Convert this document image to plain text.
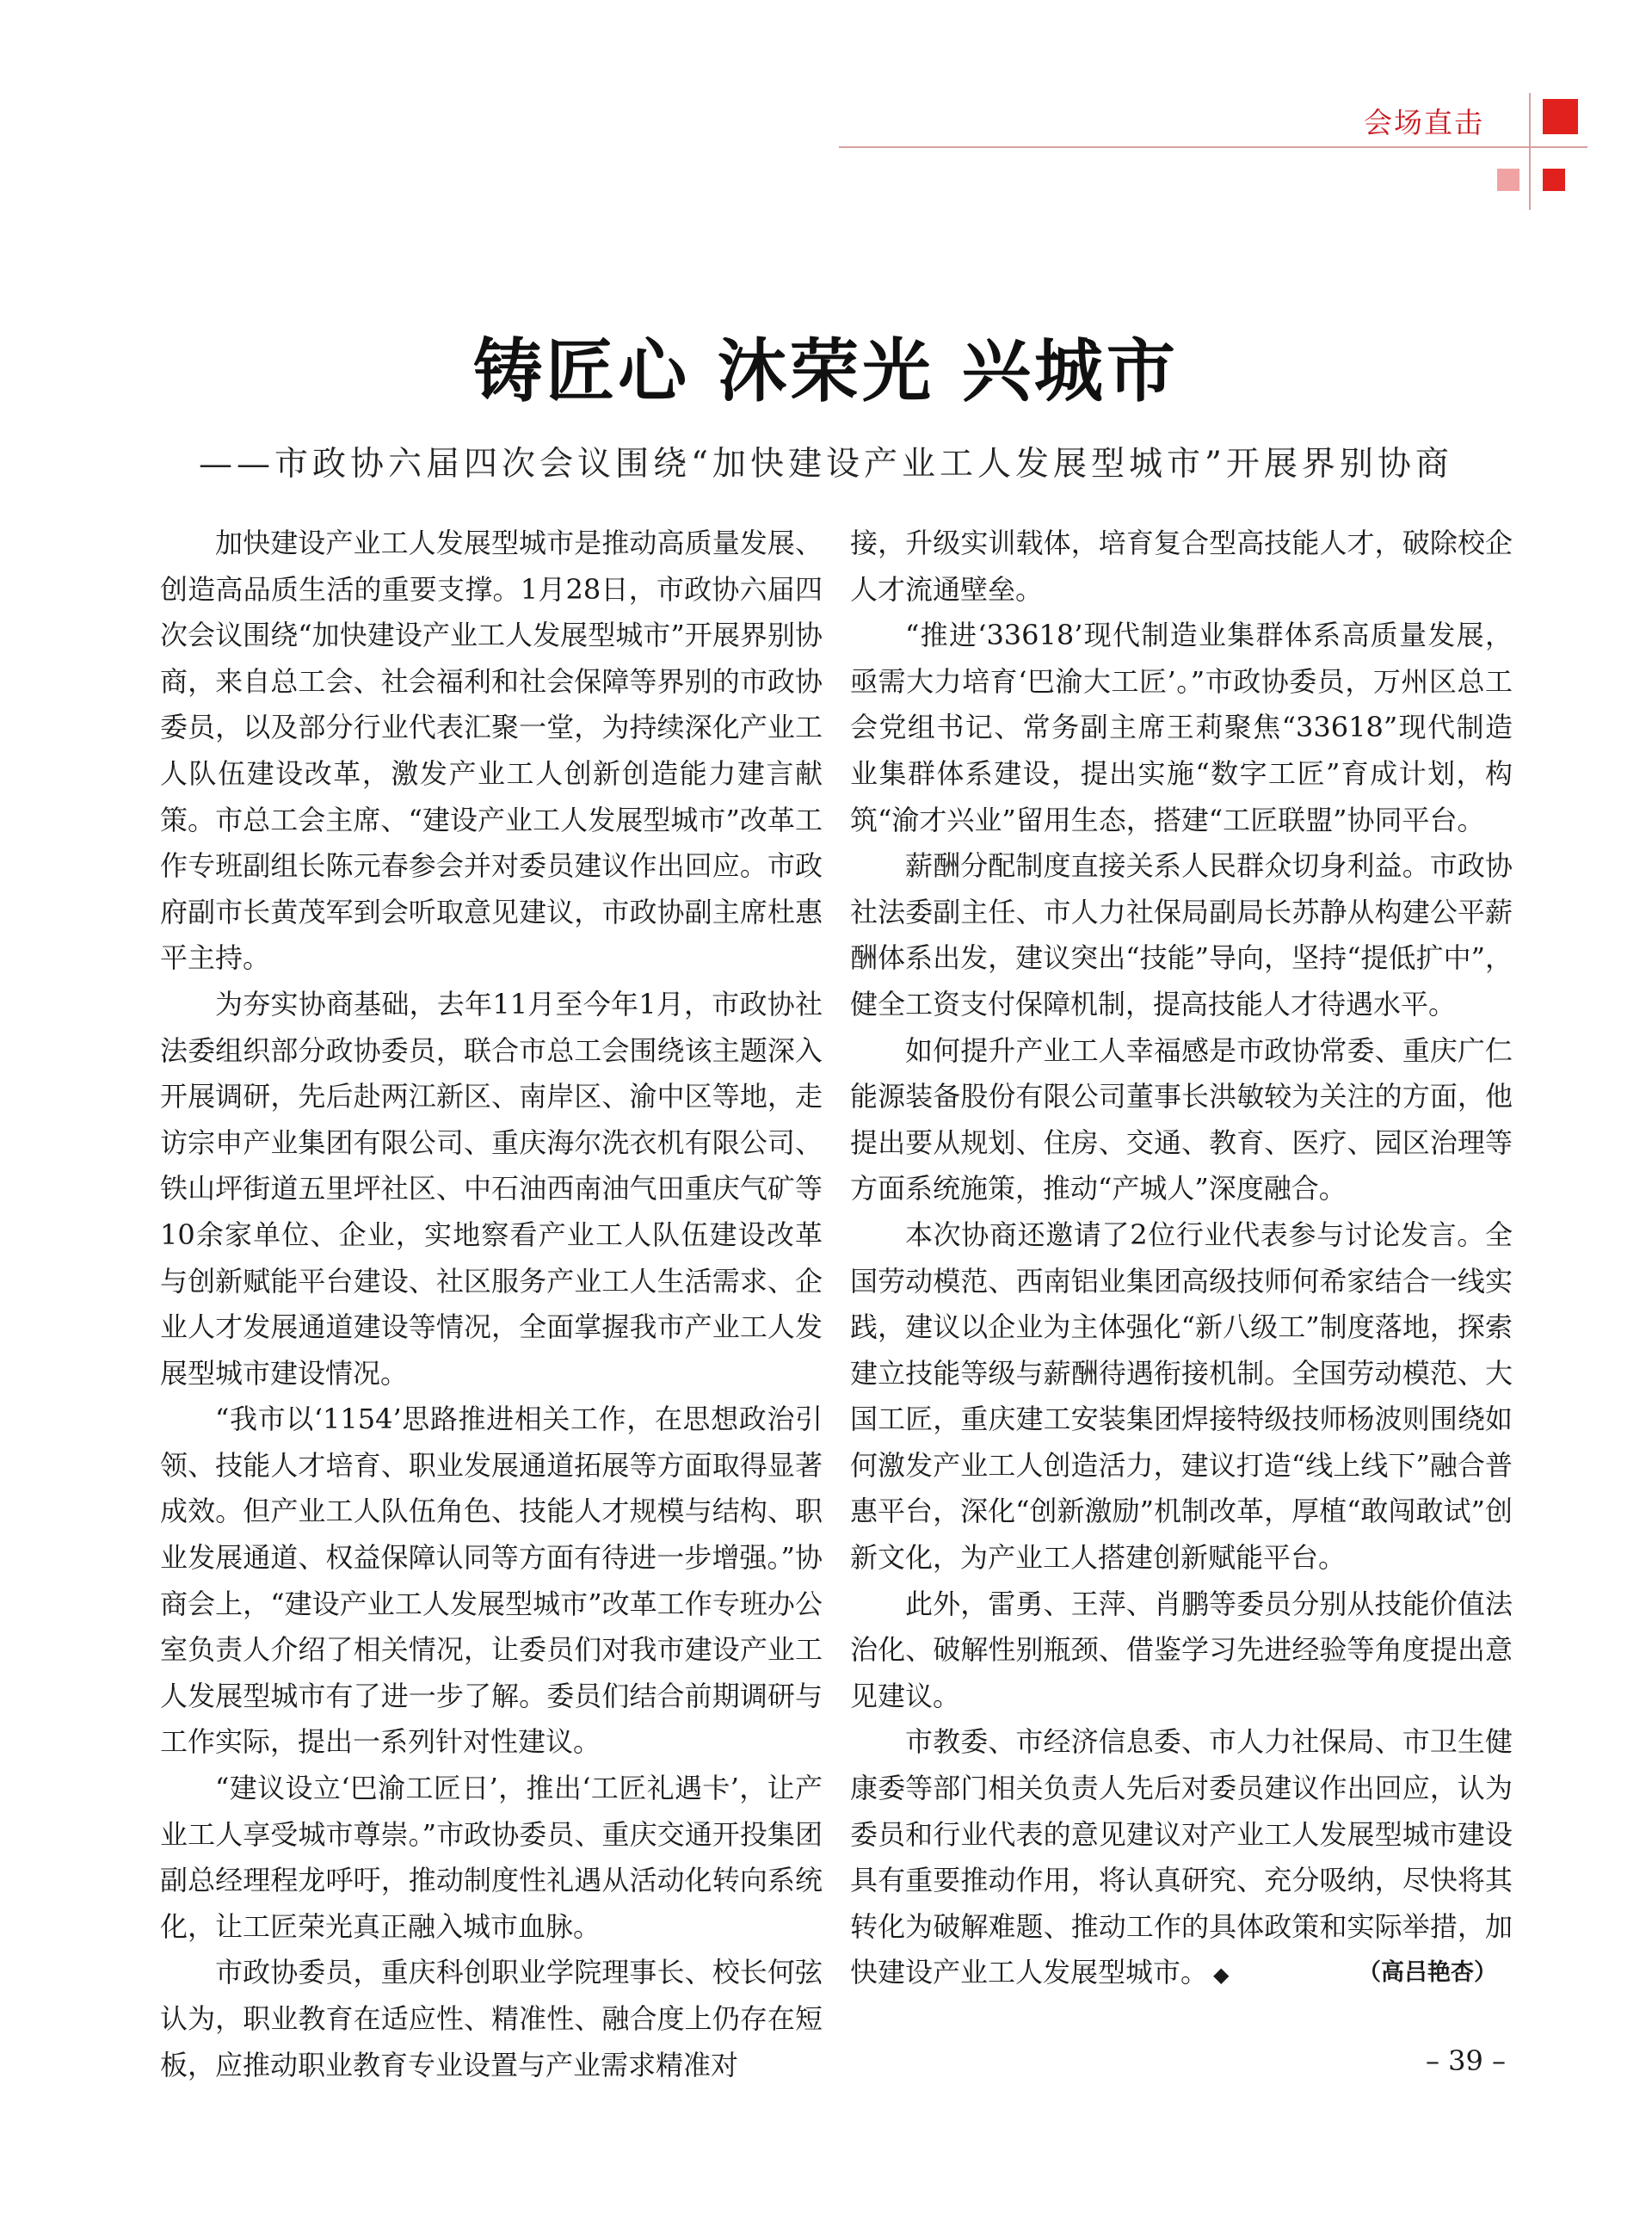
会场直击
铸匠心 沐荣光 兴城市
——市政协六届四次会议围绕“加快建设产业工人发展型城市”开展界别协商

加快建设产业工人发展型城市是推动高质量发展、创造高品质生活的重要支撑。1月28日，市政协六届四次会议围绕“加快建设产业工人发展型城市”开展界别协商，来自总工会、社会福利和社会保障等界别的市政协委员，以及部分行业代表汇聚一堂，为持续深化产业工人队伍建设改革，激发产业工人创新创造能力建言献策。市总工会主席、“建设产业工人发展型城市”改革工作专班副组长陈元春参会并对委员建议作出回应。市政府副市长黄茂军到会听取意见建议，市政协副主席杜惠平主持。

为夯实协商基础，去年11月至今年1月，市政协社法委组织部分政协委员，联合市总工会围绕该主题深入开展调研，先后赴两江新区、南岸区、渝中区等地，走访宗申产业集团有限公司、重庆海尔洗衣机有限公司、铁山坪街道五里坪社区、中石油西南油气田重庆气矿等10余家单位、企业，实地察看产业工人队伍建设改革与创新赋能平台建设、社区服务产业工人生活需求、企业人才发展通道建设等情况，全面掌握我市产业工人发展型城市建设情况。

“我市以‘1154’思路推进相关工作，在思想政治引领、技能人才培育、职业发展通道拓展等方面取得显著成效。但产业工人队伍角色、技能人才规模与结构、职业发展通道、权益保障认同等方面有待进一步增强。”协商会上，“建设产业工人发展型城市”改革工作专班办公室负责人介绍了相关情况，让委员们对我市建设产业工人发展型城市有了进一步了解。委员们结合前期调研与工作实际，提出一系列针对性建议。

“建议设立‘巴渝工匠日’，推出‘工匠礼遇卡’，让产业工人享受城市尊崇。”市政协委员、重庆交通开投集团副总经理程龙呼吁，推动制度性礼遇从活动化转向系统化，让工匠荣光真正融入城市血脉。

市政协委员，重庆科创职业学院理事长、校长何弦认为，职业教育在适应性、精准性、融合度上仍存在短板，应推动职业教育专业设置与产业需求精准对

接，升级实训载体，培育复合型高技能人才，破除校企人才流通壁垒。

“推进‘33618’现代制造业集群体系高质量发展，亟需大力培育‘巴渝大工匠’。”市政协委员，万州区总工会党组书记、常务副主席王莉聚焦“33618”现代制造业集群体系建设，提出实施“数字工匠”育成计划，构筑“渝才兴业”留用生态，搭建“工匠联盟”协同平台。

薪酬分配制度直接关系人民群众切身利益。市政协社法委副主任、市人力社保局副局长苏静从构建公平薪酬体系出发，建议突出“技能”导向，坚持“提低扩中”，健全工资支付保障机制，提高技能人才待遇水平。

如何提升产业工人幸福感是市政协常委、重庆广仁能源装备股份有限公司董事长洪敏较为关注的方面，他提出要从规划、住房、交通、教育、医疗、园区治理等方面系统施策，推动“产城人”深度融合。

本次协商还邀请了2位行业代表参与讨论发言。全国劳动模范、西南铝业集团高级技师何希家结合一线实践，建议以企业为主体强化“新八级工”制度落地，探索建立技能等级与薪酬待遇衔接机制。全国劳动模范、大国工匠，重庆建工安装集团焊接特级技师杨波则围绕如何激发产业工人创造活力，建议打造“线上线下”融合普惠平台，深化“创新激励”机制改革，厚植“敢闯敢试”创新文化，为产业工人搭建创新赋能平台。

此外，雷勇、王萍、肖鹏等委员分别从技能价值法治化、破解性别瓶颈、借鉴学习先进经验等角度提出意见建议。

市教委、市经济信息委、市人力社保局、市卫生健康委等部门相关负责人先后对委员建议作出回应，认为委员和行业代表的意见建议对产业工人发展型城市建设具有重要推动作用，将认真研究、充分吸纳，尽快将其转化为破解难题、推动工作的具体政策和实际举措，加快建设产业工人发展型城市。 ◆	（高吕艳杏）
– 39 –
